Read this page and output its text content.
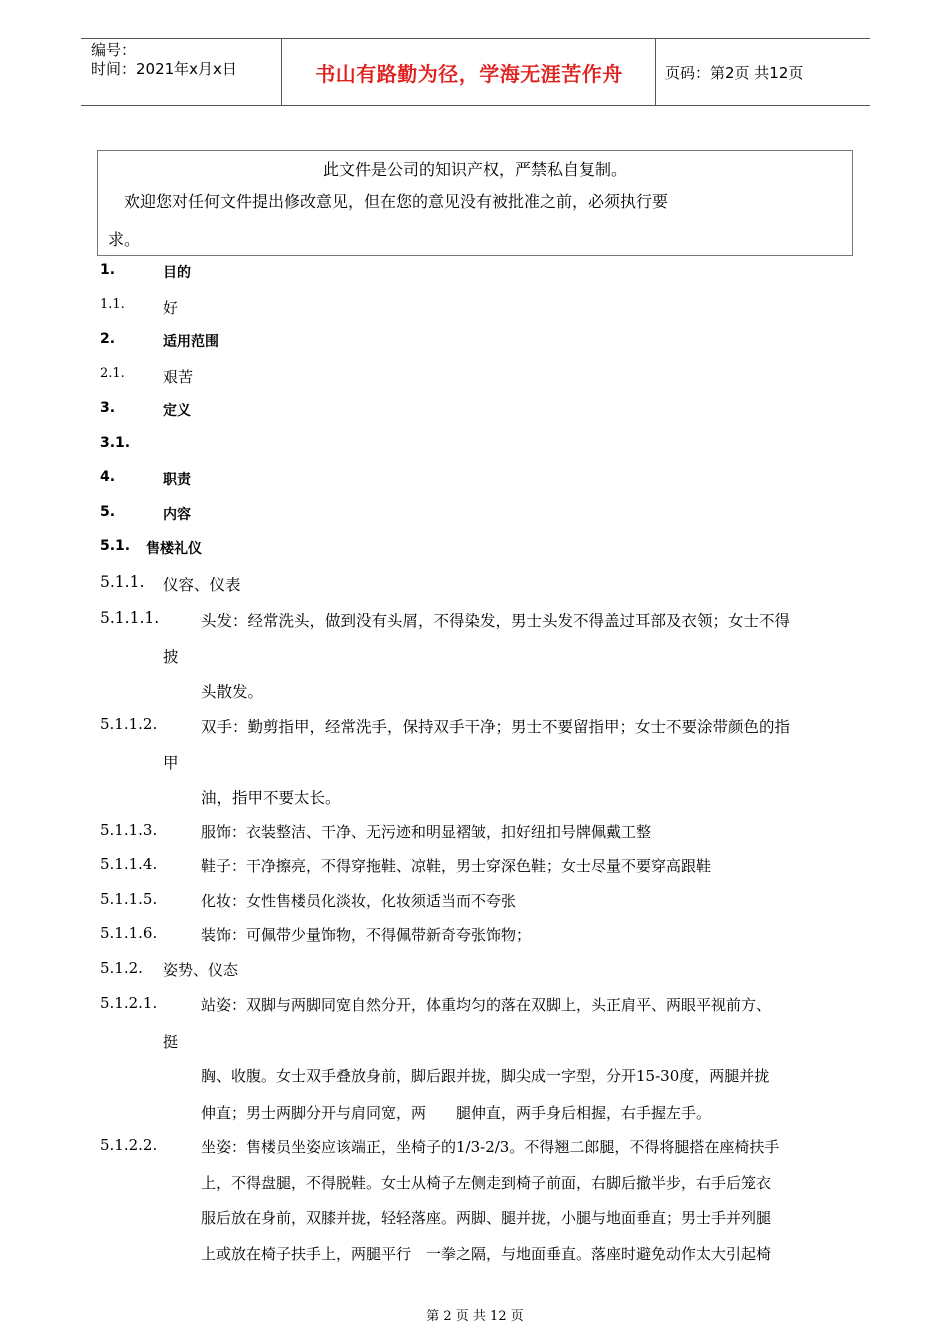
编号：
时间：2021年x月x日	书山有路勤为径，学海无涯苦作舟	页码：第2页 共12页
此文件是公司的知识产权，严禁私自复制。
欢迎您对任何文件提出修改意见，但在您的意见没有被批准之前，必须执行要
求。
1.	目的
1.1.	好
2.	适用范围
2.1.	艰苦
3.	定义
3.1.
4.	职责
5.	内容
5.1. 售楼礼仪
5.1.1. 仪容、仪表
5.1.1.1.	头发：经常洗头，做到没有头屑，不得染发，男士头发不得盖过耳部及衣领；女士不得
披
头散发。
5.1.1.2.	双手：勤剪指甲，经常洗手，保持双手干净；男士不要留指甲；女士不要涂带颜色的指
甲
油，指甲不要太长。
5.1.1.3.	服饰：衣装整洁、干净、无污迹和明显褶皱，扣好纽扣号牌佩戴工整
5.1.1.4.	鞋子：干净擦亮，不得穿拖鞋、凉鞋，男士穿深色鞋；女士尽量不要穿高跟鞋
5.1.1.5.	化妆：女性售楼员化淡妆，化妆须适当而不夸张
5.1.1.6.	装饰：可佩带少量饰物，不得佩带新奇夸张饰物；
5.1.2. 姿势、仪态
5.1.2.1.	站姿：双脚与两脚同宽自然分开，体重均匀的落在双脚上，头正肩平、两眼平视前方、
挺
胸、收腹。女士双手叠放身前，脚后跟并拢，脚尖成一字型，分开15-30度，两腿并拢
伸直；男士两脚分开与肩同宽，两　　腿伸直，两手身后相握，右手握左手。
5.1.2.2.	坐姿：售楼员坐姿应该端正，坐椅子的1/3-2/3。不得翘二郎腿，不得将腿搭在座椅扶手
上，不得盘腿，不得脱鞋。女士从椅子左侧走到椅子前面，右脚后撤半步，右手后笼衣
服后放在身前，双膝并拢，轻轻落座。两脚、腿并拢，小腿与地面垂直；男士手并列腿
上或放在椅子扶手上，两腿平行　一拳之隔，与地面垂直。落座时避免动作太大引起椅
第 2 页 共 12 页
